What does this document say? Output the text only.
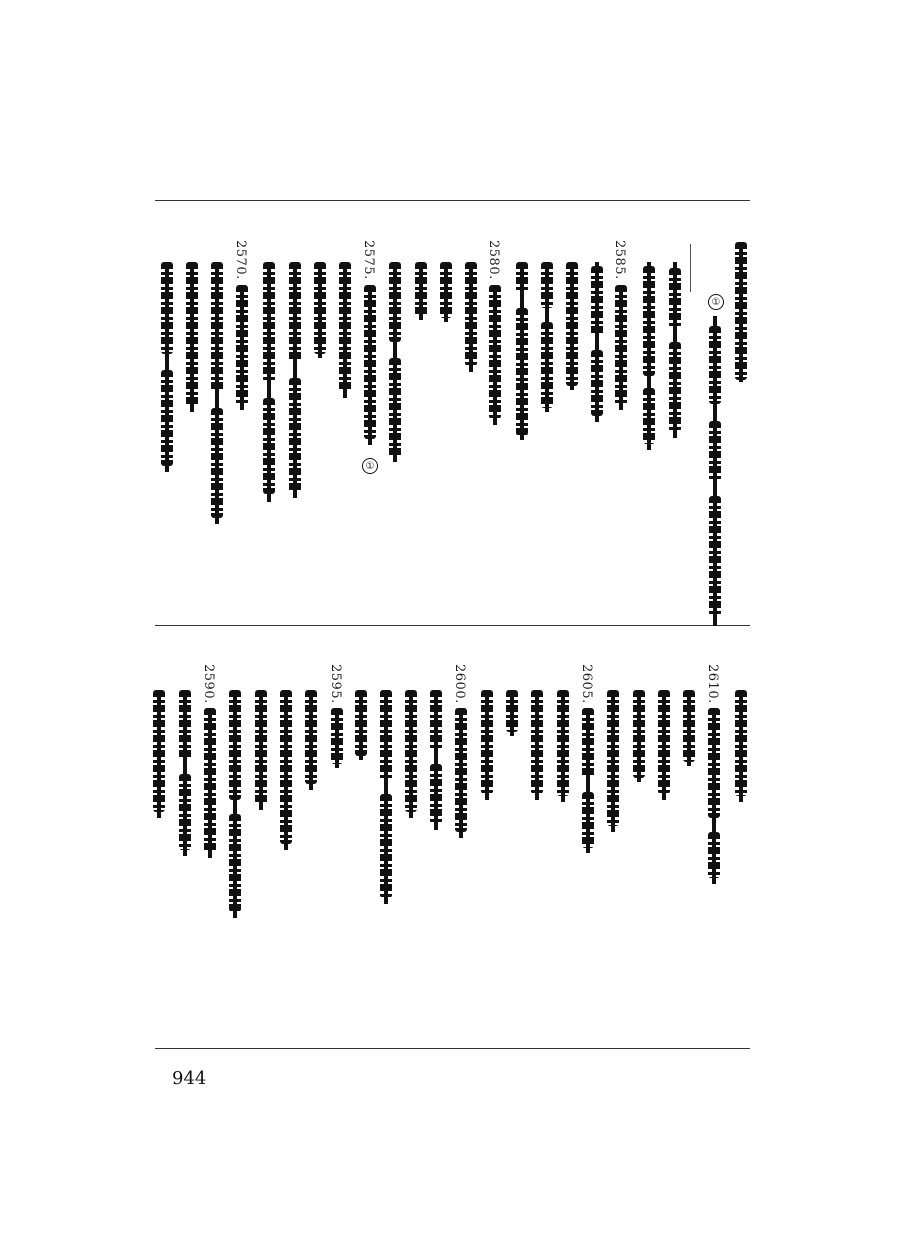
①
2585.
2580.
2575.
①
2570.
2610.
2605.
2600.
2595.
2590.
944
